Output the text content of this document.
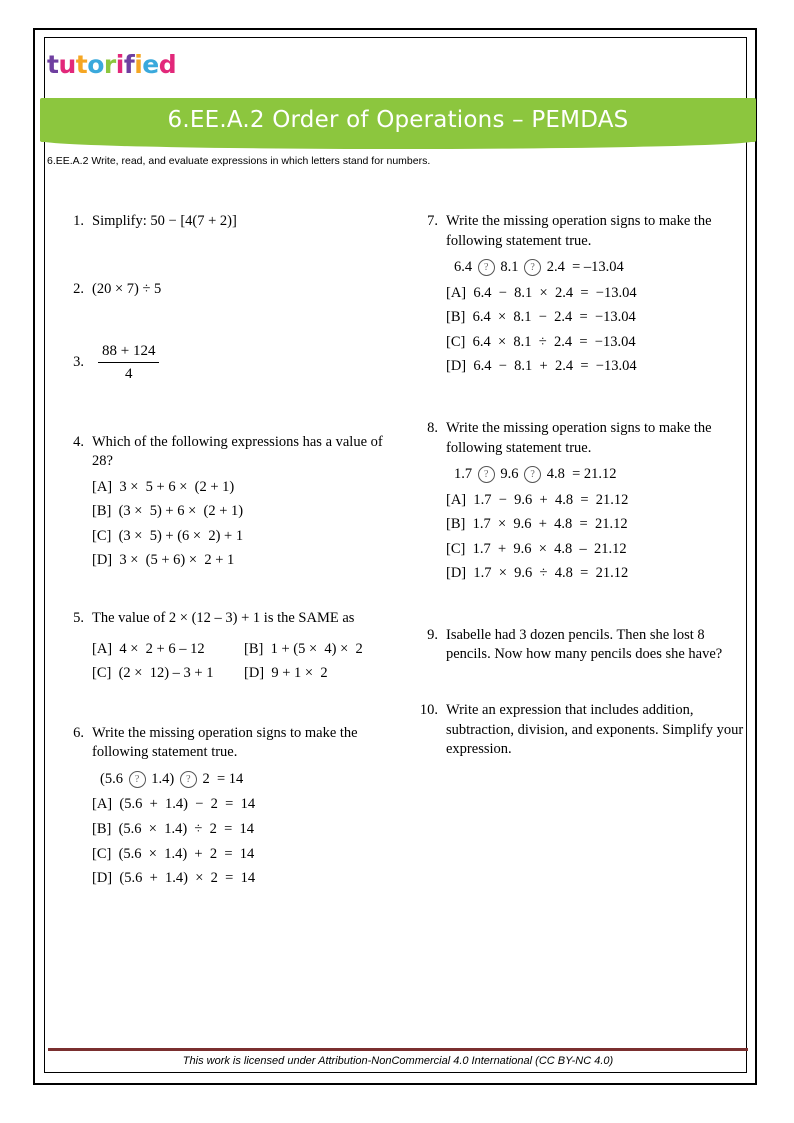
tutorified
6.EE.A.2 Order of Operations – PEMDAS
6.EE.A.2 Write, read, and evaluate expressions in which letters stand for numbers.
1. Simplify: 50 − [4(7 + 2)]
2. (20 × 7) ÷ 5
3. $\frac{88 + 124}{4}$
4. Which of the following expressions has a value of 28?
[A]  3 ×  5 + 6 ×  (2 + 1)
[B]  (3 ×  5) + 6 ×  (2 + 1)
[C]  (3 ×  5) + (6 ×  2) + 1
[D]  3 ×  (5 + 6) ×  2 + 1
5. The value of 2 × (12 – 3) + 1 is the SAME as
[A]  4 ×  2 + 6 – 12	[B]  1 + (5 ×  4) ×  2
[C]  (2 ×  12) – 3 + 1	[D]  9 + 1 ×  2
6. Write the missing operation signs to make the following statement true.
(5.6 ? 1.4) ? 2  = 14
[A]  (5.6  +  1.4)  −  2  =  14
[B]  (5.6  ×  1.4)  ÷  2  =  14
[C]  (5.6  ×  1.4)  +  2  =  14
[D]  (5.6  +  1.4)  ×  2  =  14
7. Write the missing operation signs to make the following statement true.
6.4 ? 8.1 ? 2.4  = –13.04
[A]  6.4  −  8.1  ×  2.4  =  −13.04
[B]  6.4  ×  8.1  −  2.4  =  −13.04
[C]  6.4  ×  8.1  ÷  2.4  =  −13.04
[D]  6.4  −  8.1  +  2.4  =  −13.04
8. Write the missing operation signs to make the following statement true.
1.7 ? 9.6 ? 4.8  = 21.12
[A]  1.7  −  9.6  +  4.8  =  21.12
[B]  1.7  ×  9.6  +  4.8  =  21.12
[C]  1.7  +  9.6  ×  4.8  –  21.12
[D]  1.7  ×  9.6  ÷  4.8  =  21.12
9. Isabelle had 3 dozen pencils. Then she lost 8 pencils. Now how many pencils does she have?
10. Write an expression that includes addition, subtraction, division, and exponents. Simplify your expression.
This work is licensed under Attribution-NonCommercial 4.0 International (CC BY-NC 4.0)
